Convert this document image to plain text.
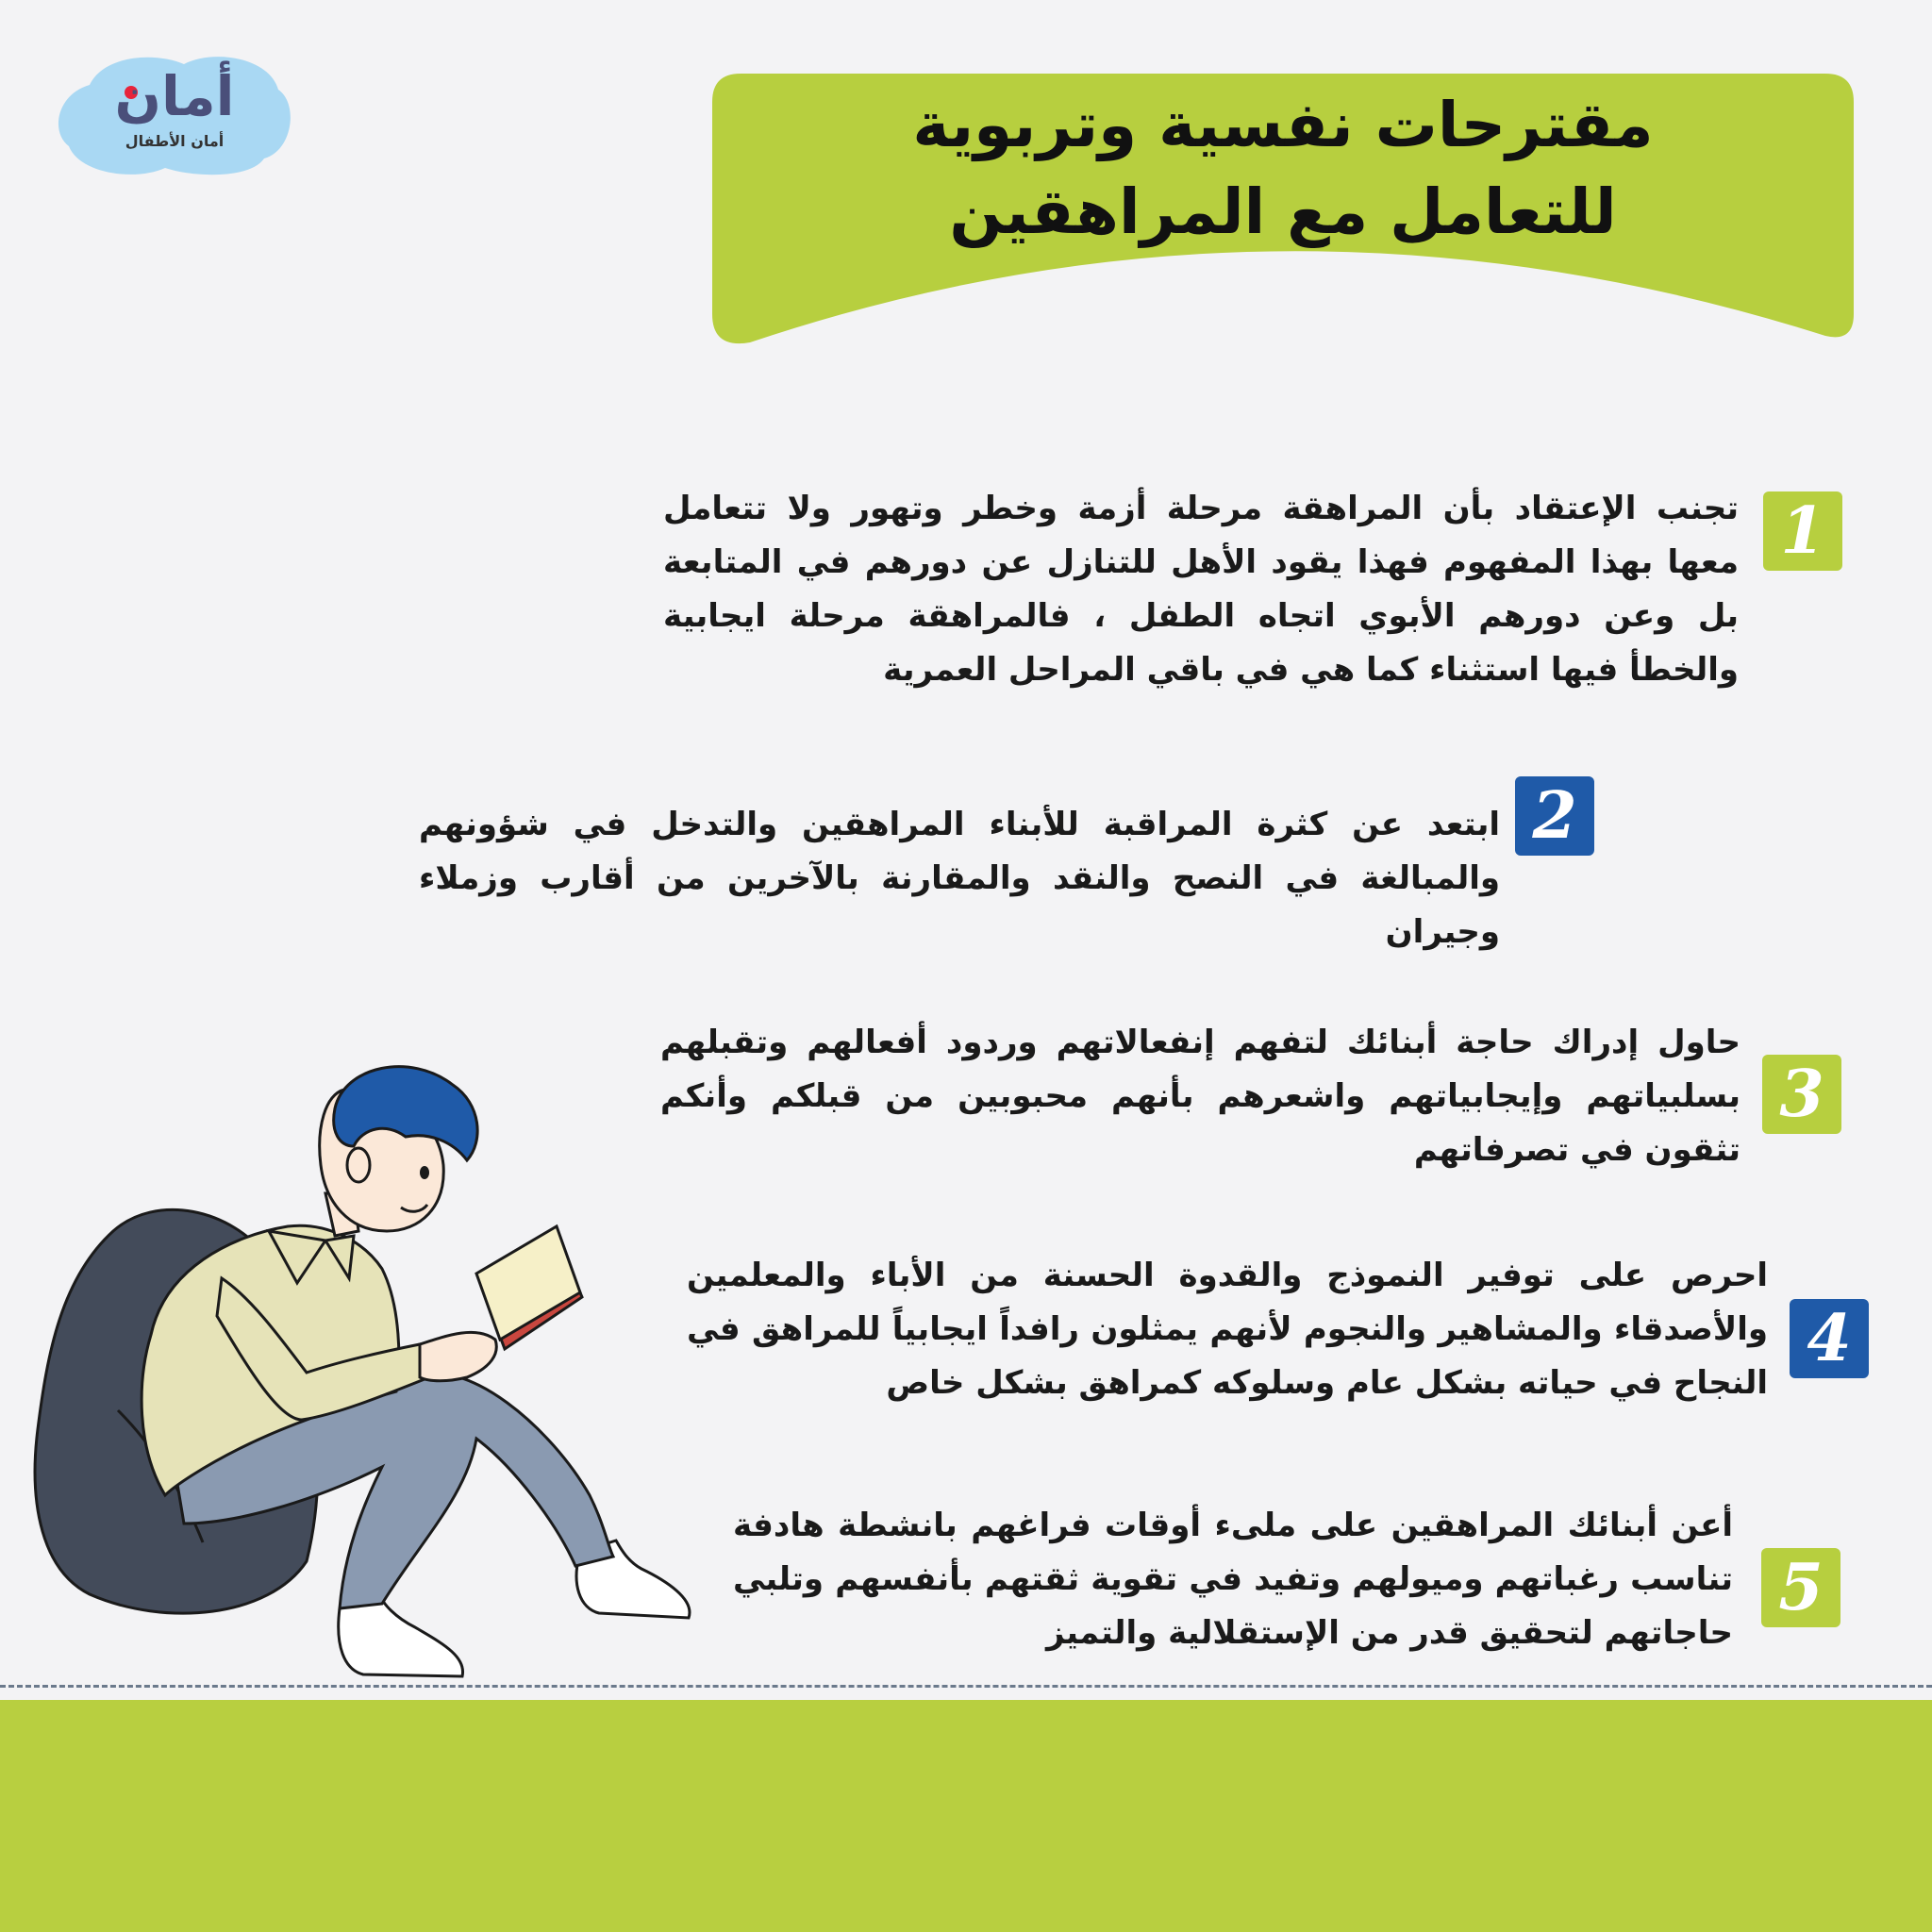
أمان
أمان الأطفال	مقترحات نفسية وتربوية
للتعامل مع المراهقين
1
تجنب الإعتقاد بأن المراهقة مرحلة أزمة وخطر وتهور ولا تتعامل معها بهذا المفهوم فهذا يقود الأهل للتنازل عن دورهم في المتابعة بل وعن دورهم الأبوي اتجاه الطفل ، فالمراهقة مرحلة ايجابية والخطأ فيها استثناء كما هي في باقي المراحل العمرية
2
ابتعد عن كثرة المراقبة للأبناء المراهقين والتدخل في شؤونهم والمبالغة في النصح والنقد والمقارنة بالآخرين من أقارب وزملاء وجيران
3
حاول إدراك حاجة أبنائك لتفهم إنفعالاتهم وردود أفعالهم وتقبلهم بسلبياتهم وإيجابياتهم واشعرهم بأنهم محبوبين من قبلكم وأنكم تثقون في تصرفاتهم
4
احرص على توفير النموذج والقدوة الحسنة من الأباء والمعلمين والأصدقاء والمشاهير والنجوم لأنهم يمثلون رافداً ايجابياً للمراهق في النجاح في حياته بشكل عام وسلوكه كمراهق بشكل خاص
5
أعن أبنائك المراهقين على ملىء أوقات فراغهم بانشطة هادفة تناسب رغباتهم وميولهم وتفيد في تقوية ثقتهم بأنفسهم وتلبي حاجاتهم لتحقيق قدر من الإستقلالية والتميز
